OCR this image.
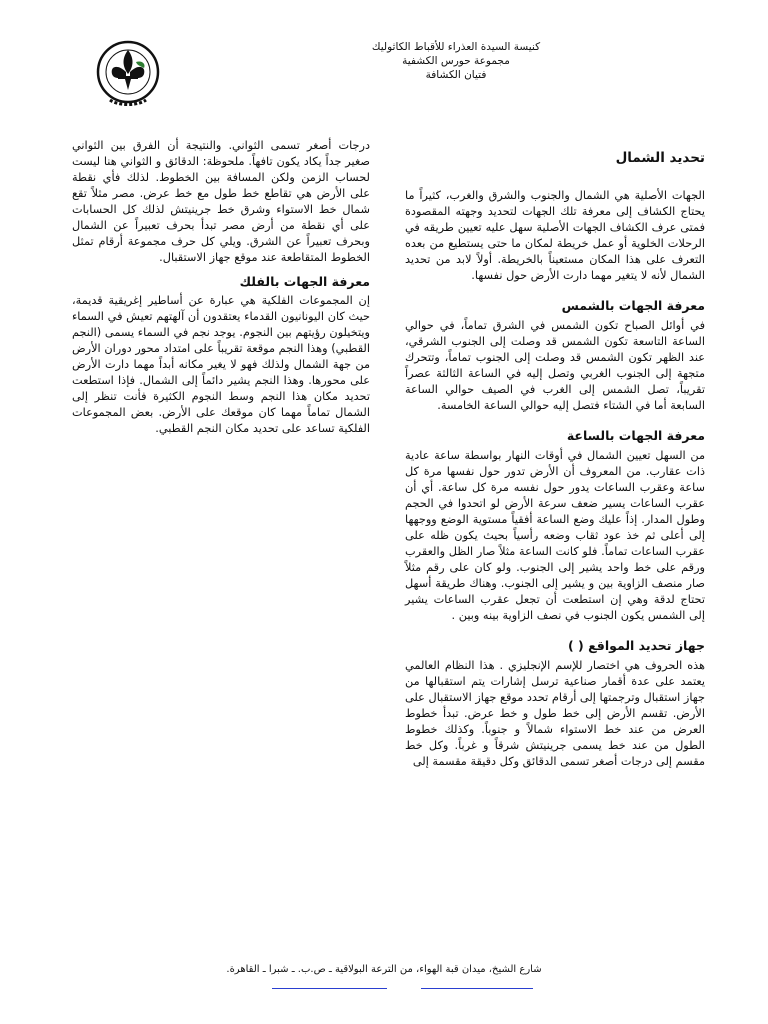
كنيسة السيدة العذراء للأقباط الكاثوليك
مجموعة حورس الكشفية
فتيان الكشافة
تحديد الشمال

الجهات الأصلية هي الشمال والجنوب والشرق والغرب، كثيراً ما يحتاج الكشاف إلى معرفة تلك الجهات لتحديد وجهته المقصودة فمتى عرف الكشاف الجهات الأصلية سهل عليه تعيين طريقه في الرحلات الخلوية أو عمل خريطة لمكان ما حتى يستطيع من بعده التعرف على هذا المكان مستعيناً بالخريطة. أولاً لابد من تحديد الشمال لأنه لا يتغير مهما دارت الأرض حول نفسها.

معرفة الجهات بالشمس

في أوائل الصباح تكون الشمس في الشرق تماماً، في حوالي الساعة التاسعة تكون الشمس قد وصلت إلى الجنوب الشرقي، عند الظهر تكون الشمس قد وصلت إلى الجنوب تماماً، وتتحرك متجهة إلى الجنوب الغربي وتصل إليه في الساعة الثالثة عصراً تقريباً، تصل الشمس إلى الغرب في الصيف حوالي الساعة السابعة أما في الشتاء فتصل إليه حوالي الساعة الخامسة.

معرفة الجهات بالساعة

من السهل تعيين الشمال في أوقات النهار بواسطة ساعة عادية ذات عقارب. من المعروف أن الأرض تدور حول نفسها مرة كل ساعة وعقرب الساعات يدور حول نفسه مرة كل ساعة. أي أن عقرب الساعات يسير ضعف سرعة الأرض لو اتحدوا في الحجم وطول المدار. إذاً عليك وضع الساعة أفقياً مستوية الوضع ووجهها إلى أعلى ثم خذ عود ثقاب وضعه رأسياً بحيث يكون ظله على عقرب الساعات تماماً. فلو كانت الساعة مثلاً صار الظل والعقرب ورقم على خط واحد يشير إلى الجنوب. ولو كان على رقم مثلاً صار منصف الزاوية بين و يشير إلى الجنوب. وهناك طريقة أسهل تحتاج لدقة وهي إن استطعت أن تجعل عقرب الساعات يشير إلى الشمس يكون الجنوب في نصف الزاوية بينه وبين .

جهاز تحديد المواقع ( )

هذه الحروف هي اختصار للإسم الإنجليزي . هذا النظام العالمي يعتمد على عدة أقمار صناعية ترسل إشارات يتم استقبالها من جهاز استقبال وترجمتها إلى أرقام تحدد موقع جهاز الاستقبال على الأرض. تقسم الأرض إلى خط طول و خط عرض. تبدأ خطوط العرض من عند خط الاستواء شمالاً و جنوباً. وكذلك خطوط الطول من عند خط يسمى جرينيتش شرقاً و غرباً. وكل خط مقسم إلى درجات أصغر تسمى الدقائق وكل دقيقة مقسمة إلى

درجات أصغر تسمى الثواني. والنتيجة أن الفرق بين الثواني صغير جداً يكاد يكون تافهاً. ملحوظة: الدقائق و الثواني هنا ليست لحساب الزمن ولكن المسافة بين الخطوط. لذلك فأي نقطة على الأرض هي تقاطع خط طول مع خط عرض. مصر مثلاً تقع شمال خط الاستواء وشرق خط جرينيتش لذلك كل الحسابات على أي نقطة من أرض مصر تبدأ بحرف تعبيراً عن الشمال وبحرف تعبيراً عن الشرق. ويلي كل حرف مجموعة أرقام تمثل الخطوط المتقاطعة عند موقع جهاز الاستقبال.

معرفة الجهات بالفلك

إن المجموعات الفلكية هي عبارة عن أساطير إغريقية قديمة، حيث كان اليونانيون القدماء يعتقدون أن آلهتهم تعيش في السماء ويتخيلون رؤيتهم بين النجوم. يوجد نجم في السماء يسمى (النجم القطبي) وهذا النجم موقعة تقريباً على امتداد محور دوران الأرض من جهة الشمال ولذلك فهو لا يغير مكانه أبداً مهما دارت الأرض على محورها. وهذا النجم يشير دائماً إلى الشمال. فإذا استطعت تحديد مكان هذا النجم وسط النجوم الكثيرة فأنت تنظر إلى الشمال تماماً مهما كان موقعك على الأرض. بعض المجموعات الفلكية تساعد على تحديد مكان النجم القطبي.

شارع الشيخ، ميدان قبة الهواء، من الترعة البولاقية ـ ص.ب. ـ شبرا ـ القاهرة.
